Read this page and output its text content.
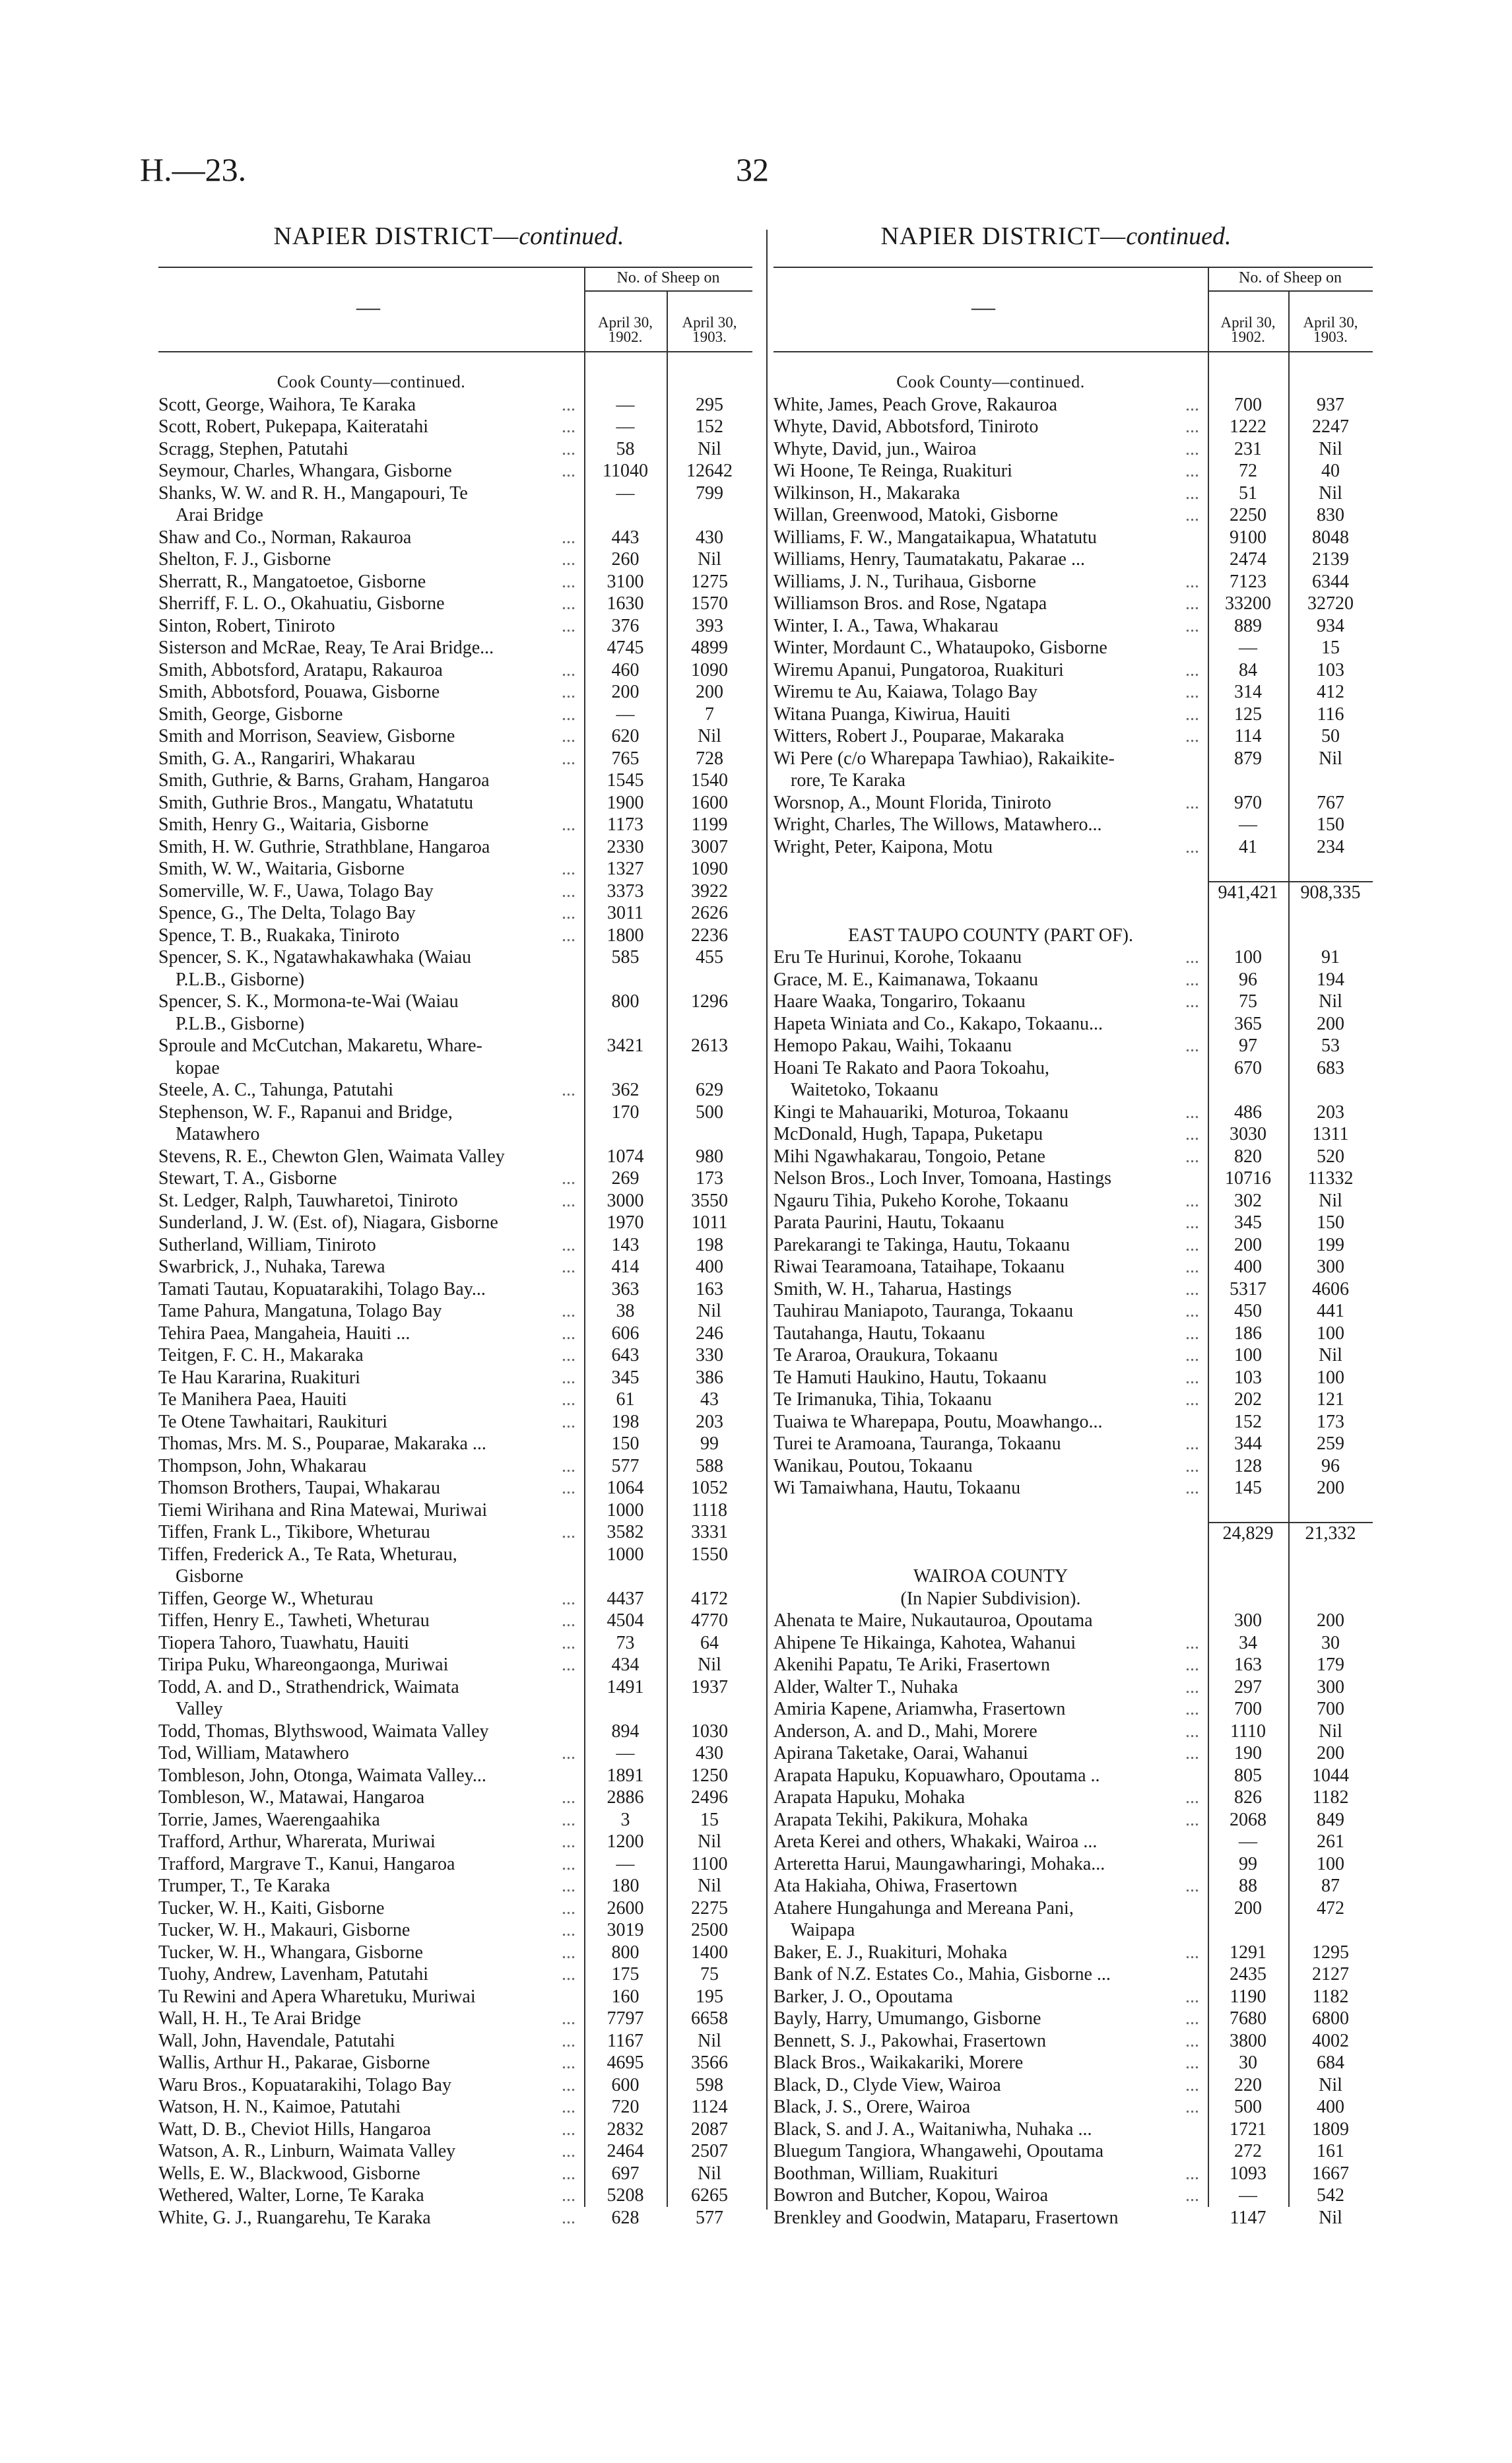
H.—23.	32
NAPIER DISTRICT—continued.	NAPIER DISTRICT—continued.
—
No. of Sheep on
April 30,
1902.
April 30,
1903.
Cook County—continued.
Scott, George, Waihora, Te Karaka	...	—	295
Scott, Robert, Pukepapa, Kaiteratahi	...	—	152
Scragg, Stephen, Patutahi	...	58	Nil
Seymour, Charles, Whangara, Gisborne	...	11040	12642
Shanks, W. W. and R. H., Mangapouri, Te	—	799
Arai Bridge
Shaw and Co., Norman, Rakauroa	...	443	430
Shelton, F. J., Gisborne	...	260	Nil
Sherratt, R., Mangatoetoe, Gisborne	...	3100	1275
Sherriff, F. L. O., Okahuatiu, Gisborne	...	1630	1570
Sinton, Robert, Tiniroto	...	376	393
Sisterson and McRae, Reay, Te Arai Bridge...	4745	4899
Smith, Abbotsford, Aratapu, Rakauroa	...	460	1090
Smith, Abbotsford, Pouawa, Gisborne	...	200	200
Smith, George, Gisborne	...	—	7
Smith and Morrison, Seaview, Gisborne	...	620	Nil
Smith, G. A., Rangariri, Whakarau	...	765	728
Smith, Guthrie, & Barns, Graham, Hangaroa	1545	1540
Smith, Guthrie Bros., Mangatu, Whatatutu	1900	1600
Smith, Henry G., Waitaria, Gisborne	...	1173	1199
Smith, H. W. Guthrie, Strathblane, Hangaroa	2330	3007
Smith, W. W., Waitaria, Gisborne	...	1327	1090
Somerville, W. F., Uawa, Tolago Bay	...	3373	3922
Spence, G., The Delta, Tolago Bay	...	3011	2626
Spence, T. B., Ruakaka, Tiniroto	...	1800	2236
Spencer, S. K., Ngatawhakawhaka (Waiau	585	455
P.L.B., Gisborne)
Spencer, S. K., Mormona-te-Wai (Waiau	800	1296
P.L.B., Gisborne)
Sproule and McCutchan, Makaretu, Whare-	3421	2613
kopae
Steele, A. C., Tahunga, Patutahi	...	362	629
Stephenson, W. F., Rapanui and Bridge,	170	500
Matawhero
Stevens, R. E., Chewton Glen, Waimata Valley	1074	980
Stewart, T. A., Gisborne	...	269	173
St. Ledger, Ralph, Tauwharetoi, Tiniroto	...	3000	3550
Sunderland, J. W. (Est. of), Niagara, Gisborne	1970	1011
Sutherland, William, Tiniroto	...	143	198
Swarbrick, J., Nuhaka, Tarewa	...	414	400
Tamati Tautau, Kopuatarakihi, Tolago Bay...	363	163
Tame Pahura, Mangatuna, Tolago Bay	...	38	Nil
Tehira Paea, Mangaheia, Hauiti ...	...	606	246
Teitgen, F. C. H., Makaraka	...	643	330
Te Hau Kararina, Ruakituri	...	345	386
Te Manihera Paea, Hauiti	...	61	43
Te Otene Tawhaitari, Raukituri	...	198	203
Thomas, Mrs. M. S., Pouparae, Makaraka ...	150	99
Thompson, John, Whakarau	...	577	588
Thomson Brothers, Taupai, Whakarau	...	1064	1052
Tiemi Wirihana and Rina Matewai, Muriwai	1000	1118
Tiffen, Frank L., Tikibore, Wheturau	...	3582	3331
Tiffen, Frederick A., Te Rata, Wheturau,	1000	1550
Gisborne
Tiffen, George W., Wheturau	...	4437	4172
Tiffen, Henry E., Tawheti, Wheturau	...	4504	4770
Tiopera Tahoro, Tuawhatu, Hauiti	...	73	64
Tiripa Puku, Whareongaonga, Muriwai	...	434	Nil
Todd, A. and D., Strathendrick, Waimata	1491	1937
Valley
Todd, Thomas, Blythswood, Waimata Valley	894	1030
Tod, William, Matawhero	...	—	430
Tombleson, John, Otonga, Waimata Valley...	1891	1250
Tombleson, W., Matawai, Hangaroa	...	2886	2496
Torrie, James, Waerengaahika	...	3	15
Trafford, Arthur, Wharerata, Muriwai	...	1200	Nil
Trafford, Margrave T., Kanui, Hangaroa	...	—	1100
Trumper, T., Te Karaka	...	180	Nil
Tucker, W. H., Kaiti, Gisborne	...	2600	2275
Tucker, W. H., Makauri, Gisborne	...	3019	2500
Tucker, W. H., Whangara, Gisborne	...	800	1400
Tuohy, Andrew, Lavenham, Patutahi	...	175	75
Tu Rewini and Apera Wharetuku, Muriwai	160	195
Wall, H. H., Te Arai Bridge	...	7797	6658
Wall, John, Havendale, Patutahi	...	1167	Nil
Wallis, Arthur H., Pakarae, Gisborne	...	4695	3566
Waru Bros., Kopuatarakihi, Tolago Bay	...	600	598
Watson, H. N., Kaimoe, Patutahi	...	720	1124
Watt, D. B., Cheviot Hills, Hangaroa	...	2832	2087
Watson, A. R., Linburn, Waimata Valley	...	2464	2507
Wells, E. W., Blackwood, Gisborne	...	697	Nil
Wethered, Walter, Lorne, Te Karaka	...	5208	6265
White, G. J., Ruangarehu, Te Karaka	...	628	577
—
No. of Sheep on
April 30,
1902.
April 30,
1903.
Cook County—continued.
White, James, Peach Grove, Rakauroa	...	700	937
Whyte, David, Abbotsford, Tiniroto	...	1222	2247
Whyte, David, jun., Wairoa	...	231	Nil
Wi Hoone, Te Reinga, Ruakituri	...	72	40
Wilkinson, H., Makaraka	...	51	Nil
Willan, Greenwood, Matoki, Gisborne	...	2250	830
Williams, F. W., Mangataikapua, Whatatutu	9100	8048
Williams, Henry, Taumatakatu, Pakarae ...	2474	2139
Williams, J. N., Turihaua, Gisborne	...	7123	6344
Williamson Bros. and Rose, Ngatapa	...	33200	32720
Winter, I. A., Tawa, Whakarau	...	889	934
Winter, Mordaunt C., Whataupoko, Gisborne	—	15
Wiremu Apanui, Pungatoroa, Ruakituri	...	84	103
Wiremu te Au, Kaiawa, Tolago Bay	...	314	412
Witana Puanga, Kiwirua, Hauiti	...	125	116
Witters, Robert J., Pouparae, Makaraka	...	114	50
Wi Pere (c/o Wharepapa Tawhiao), Rakaikite-	879	Nil
rore, Te Karaka
Worsnop, A., Mount Florida, Tiniroto	...	970	767
Wright, Charles, The Willows, Matawhero...	—	150
Wright, Peter, Kaipona, Motu	...	41	234
941,421	908,335
EAST TAUPO COUNTY (PART OF).
Eru Te Hurinui, Korohe, Tokaanu	...	100	91
Grace, M. E., Kaimanawa, Tokaanu	...	96	194
Haare Waaka, Tongariro, Tokaanu	...	75	Nil
Hapeta Winiata and Co., Kakapo, Tokaanu...	365	200
Hemopo Pakau, Waihi, Tokaanu	...	97	53
Hoani Te Rakato and Paora Tokoahu,	670	683
Waitetoko, Tokaanu
Kingi te Mahauariki, Moturoa, Tokaanu	...	486	203
McDonald, Hugh, Tapapa, Puketapu	...	3030	1311
Mihi Ngawhakarau, Tongoio, Petane	...	820	520
Nelson Bros., Loch Inver, Tomoana, Hastings	10716	11332
Ngauru Tihia, Pukeho Korohe, Tokaanu	...	302	Nil
Parata Paurini, Hautu, Tokaanu	...	345	150
Parekarangi te Takinga, Hautu, Tokaanu	...	200	199
Riwai Tearamoana, Tataihape, Tokaanu	...	400	300
Smith, W. H., Taharua, Hastings	...	5317	4606
Tauhirau Maniapoto, Tauranga, Tokaanu	...	450	441
Tautahanga, Hautu, Tokaanu	...	186	100
Te Araroa, Oraukura, Tokaanu	...	100	Nil
Te Hamuti Haukino, Hautu, Tokaanu	...	103	100
Te Irimanuka, Tihia, Tokaanu	...	202	121
Tuaiwa te Wharepapa, Poutu, Moawhango...	152	173
Turei te Aramoana, Tauranga, Tokaanu	...	344	259
Wanikau, Poutou, Tokaanu	...	128	96
Wi Tamaiwhana, Hautu, Tokaanu	...	145	200
24,829	21,332
WAIROA COUNTY
(In Napier Subdivision).
Ahenata te Maire, Nukautauroa, Opoutama	300	200
Ahipene Te Hikainga, Kahotea, Wahanui	...	34	30
Akenihi Papatu, Te Ariki, Frasertown	...	163	179
Alder, Walter T., Nuhaka	...	297	300
Amiria Kapene, Ariamwha, Frasertown	...	700	700
Anderson, A. and D., Mahi, Morere	...	1110	Nil
Apirana Taketake, Oarai, Wahanui	...	190	200
Arapata Hapuku, Kopuawharo, Opoutama ..	805	1044
Arapata Hapuku, Mohaka	...	826	1182
Arapata Tekihi, Pakikura, Mohaka	...	2068	849
Areta Kerei and others, Whakaki, Wairoa ...	—	261
Arteretta Harui, Maungawharingi, Mohaka...	99	100
Ata Hakiaha, Ohiwa, Frasertown	...	88	87
Atahere Hungahunga and Mereana Pani,	200	472
Waipapa
Baker, E. J., Ruakituri, Mohaka	...	1291	1295
Bank of N.Z. Estates Co., Mahia, Gisborne ...	2435	2127
Barker, J. O., Opoutama	...	1190	1182
Bayly, Harry, Umumango, Gisborne	...	7680	6800
Bennett, S. J., Pakowhai, Frasertown	...	3800	4002
Black Bros., Waikakariki, Morere	...	30	684
Black, D., Clyde View, Wairoa	...	220	Nil
Black, J. S., Orere, Wairoa	...	500	400
Black, S. and J. A., Waitaniwha, Nuhaka ...	1721	1809
Bluegum Tangiora, Whangawehi, Opoutama	272	161
Boothman, William, Ruakituri	...	1093	1667
Bowron and Butcher, Kopou, Wairoa	...	—	542
Brenkley and Goodwin, Mataparu, Frasertown	1147	Nil
